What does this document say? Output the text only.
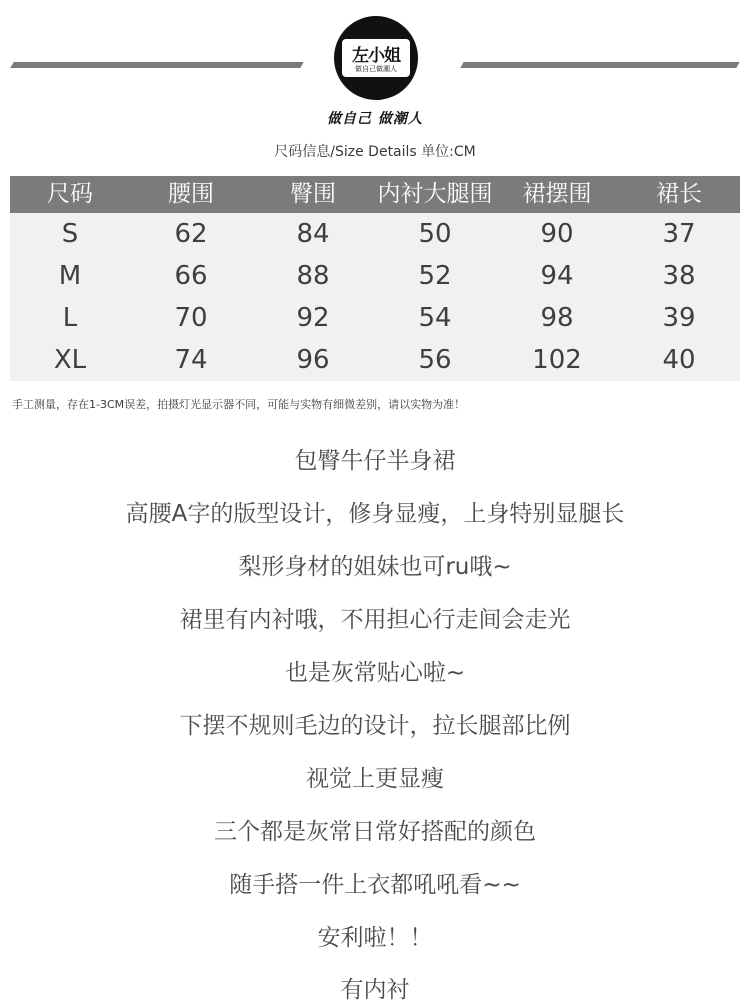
左小姐
做自己做潮人
做自己 做潮人
尺码信息/Size Details 单位:CM
尺码	腰围	臀围	内衬大腿围	裙摆围	裙长
S	62	84	50	90	37
M	66	88	52	94	38
L	70	92	54	98	39
XL	74	96	56	102	40
手工测量，存在1-3CM误差，拍摄灯光显示器不同，可能与实物有细微差别，请以实物为准！
包臀牛仔半身裙
高腰A字的版型设计，修身显瘦，上身特别显腿长
梨形身材的姐妹也可ru哦~
裙里有内衬哦，不用担心行走间会走光
也是灰常贴心啦~
下摆不规则毛边的设计，拉长腿部比例
视觉上更显瘦
三个都是灰常日常好搭配的颜色
随手搭一件上衣都吼吼看~~
安利啦！！
有内衬
